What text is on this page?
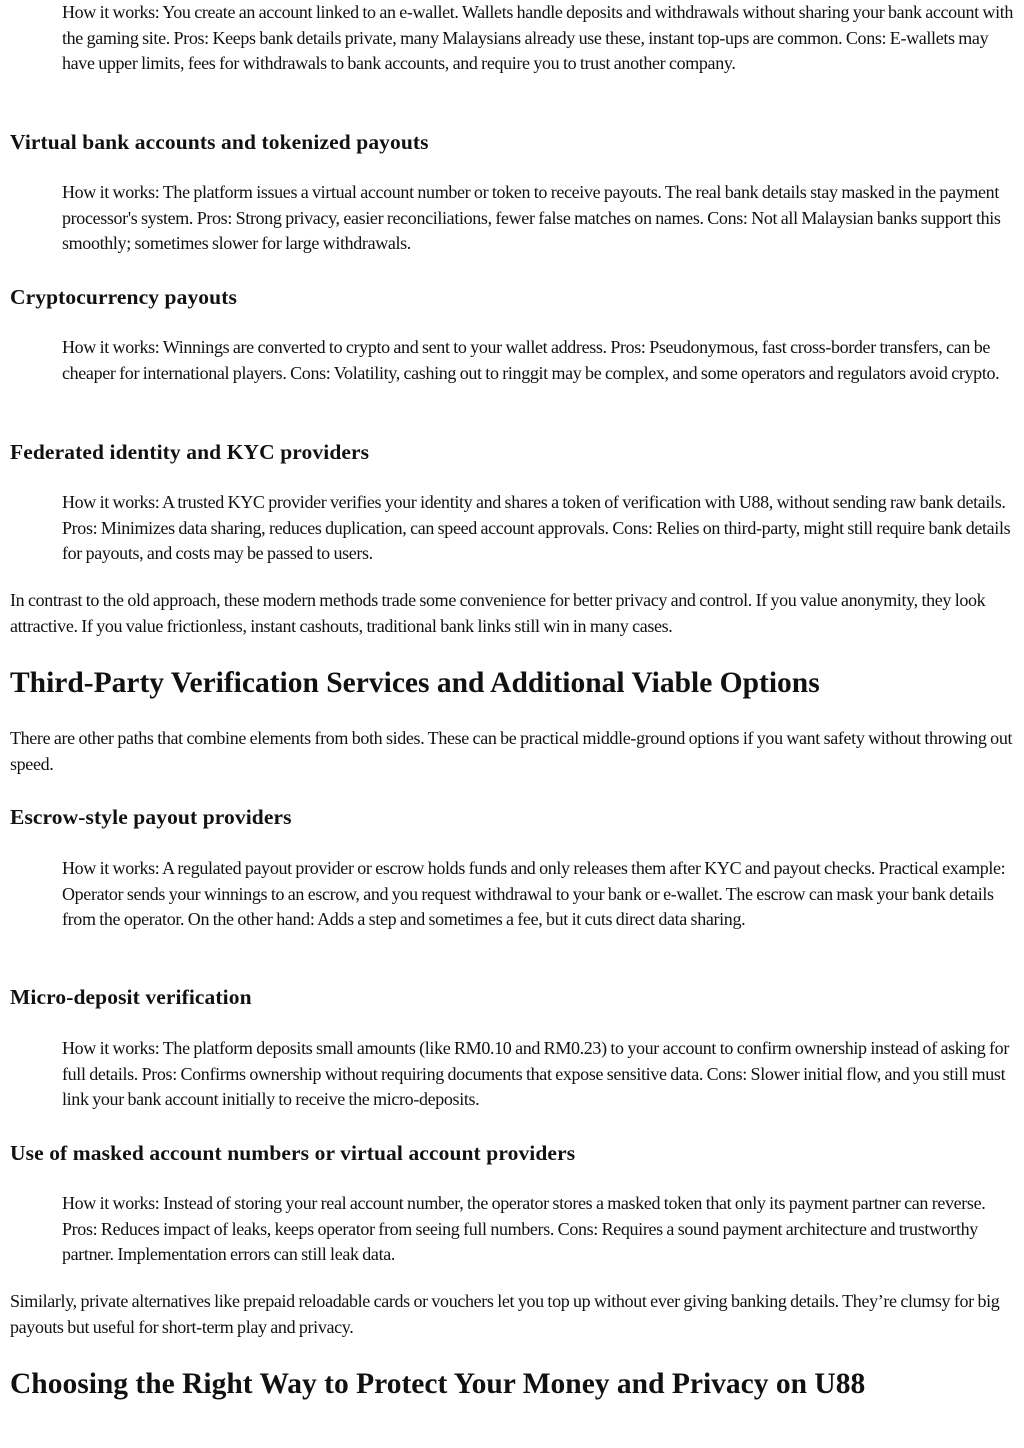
How it works: You create an account linked to an e-wallet. Wallets handle deposits and withdrawals without sharing your bank account with the gaming site. Pros: Keeps bank details private, many Malaysians already use these, instant top-ups are common. Cons: E-wallets may have upper limits, fees for withdrawals to bank accounts, and require you to trust another company.

Virtual bank accounts and tokenized payouts

How it works: The platform issues a virtual account number or token to receive payouts. The real bank details stay masked in the payment processor's system. Pros: Strong privacy, easier reconciliations, fewer false matches on names. Cons: Not all Malaysian banks support this smoothly; sometimes slower for large withdrawals.

Cryptocurrency payouts

How it works: Winnings are converted to crypto and sent to your wallet address. Pros: Pseudonymous, fast cross-border transfers, can be cheaper for international players. Cons: Volatility, cashing out to ringgit may be complex, and some operators and regulators avoid crypto.

Federated identity and KYC providers

How it works: A trusted KYC provider verifies your identity and shares a token of verification with U88, without sending raw bank details. Pros: Minimizes data sharing, reduces duplication, can speed account approvals. Cons: Relies on third-party, might still require bank details for payouts, and costs may be passed to users.

In contrast to the old approach, these modern methods trade some convenience for better privacy and control. If you value anonymity, they look attractive. If you value frictionless, instant cashouts, traditional bank links still win in many cases.

Third-Party Verification Services and Additional Viable Options

There are other paths that combine elements from both sides. These can be practical middle-ground options if you want safety without throwing out speed.

Escrow-style payout providers

How it works: A regulated payout provider or escrow holds funds and only releases them after KYC and payout checks. Practical example: Operator sends your winnings to an escrow, and you request withdrawal to your bank or e-wallet. The escrow can mask your bank details from the operator. On the other hand: Adds a step and sometimes a fee, but it cuts direct data sharing.

Micro-deposit verification

How it works: The platform deposits small amounts (like RM0.10 and RM0.23) to your account to confirm ownership instead of asking for full details. Pros: Confirms ownership without requiring documents that expose sensitive data. Cons: Slower initial flow, and you still must link your bank account initially to receive the micro-deposits.

Use of masked account numbers or virtual account providers

How it works: Instead of storing your real account number, the operator stores a masked token that only its payment partner can reverse. Pros: Reduces impact of leaks, keeps operator from seeing full numbers. Cons: Requires a sound payment architecture and trustworthy partner. Implementation errors can still leak data.

Similarly, private alternatives like prepaid reloadable cards or vouchers let you top up without ever giving banking details. They’re clumsy for big payouts but useful for short-term play and privacy.

Choosing the Right Way to Protect Your Money and Privacy on U88
